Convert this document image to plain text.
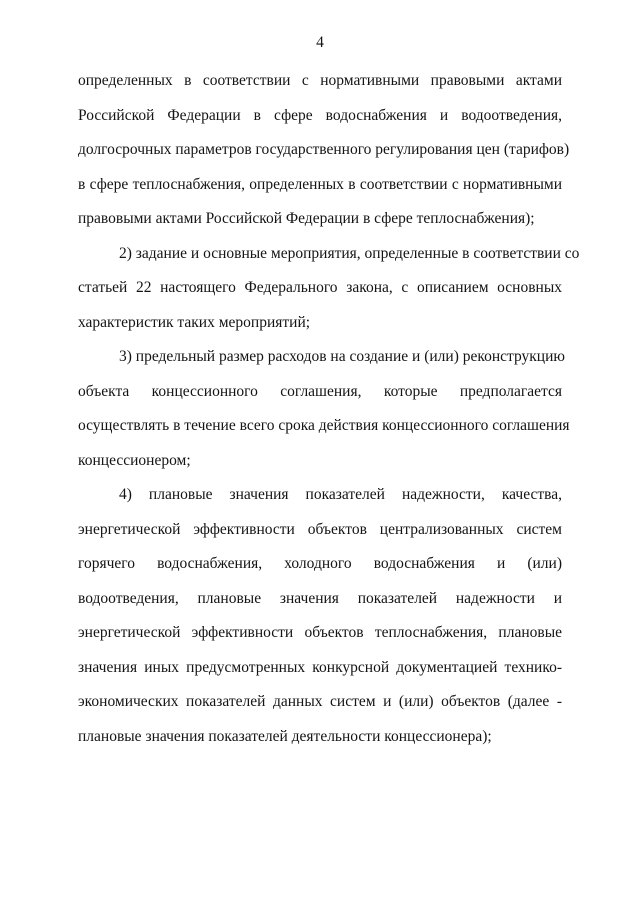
4
определенных в соответствии с нормативными правовыми актами
Российской Федерации в сфере водоснабжения и водоотведения,
долгосрочных параметров государственного регулирования цен (тарифов)
в сфере теплоснабжения, определенных в соответствии с нормативными
правовыми актами Российской Федерации в сфере теплоснабжения);
2) задание и основные мероприятия, определенные в соответствии со
статьей 22 настоящего Федерального закона, с описанием основных
характеристик таких мероприятий;
3) предельный размер расходов на создание и (или) реконструкцию
объекта концессионного соглашения, которые предполагается
осуществлять в течение всего срока действия концессионного соглашения
концессионером;
4) плановые значения показателей надежности, качества,
энергетической эффективности объектов централизованных систем
горячего водоснабжения, холодного водоснабжения и (или)
водоотведения, плановые значения показателей надежности и
энергетической эффективности объектов теплоснабжения, плановые
значения иных предусмотренных конкурсной документацией технико-
экономических показателей данных систем и (или) объектов (далее -
плановые значения показателей деятельности концессионера);
